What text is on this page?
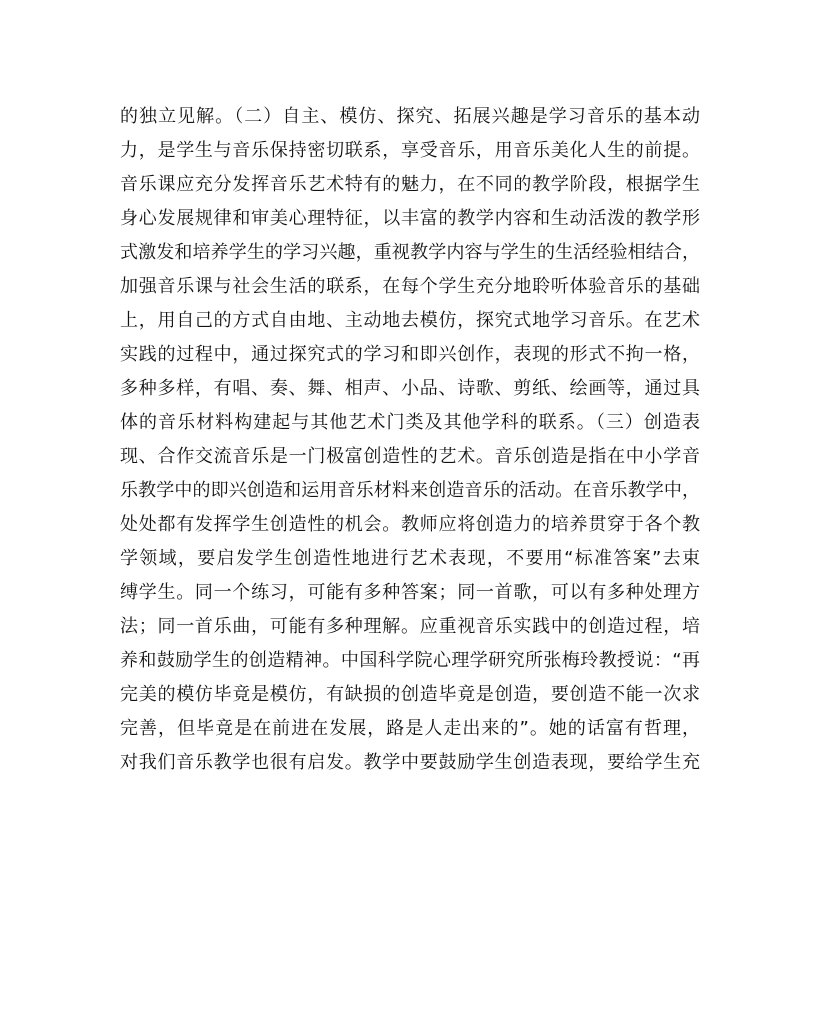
的独立见解。（二）自主、模仿、探究、拓展兴趣是学习音乐的基本动
力，是学生与音乐保持密切联系，享受音乐，用音乐美化人生的前提。
音乐课应充分发挥音乐艺术特有的魅力，在不同的教学阶段，根据学生
身心发展规律和审美心理特征，以丰富的教学内容和生动活泼的教学形
式激发和培养学生的学习兴趣，重视教学内容与学生的生活经验相结合，
加强音乐课与社会生活的联系，在每个学生充分地聆听体验音乐的基础
上，用自己的方式自由地、主动地去模仿，探究式地学习音乐。在艺术
实践的过程中，通过探究式的学习和即兴创作，表现的形式不拘一格，
多种多样，有唱、奏、舞、相声、小品、诗歌、剪纸、绘画等，通过具
体的音乐材料构建起与其他艺术门类及其他学科的联系。（三）创造表
现、合作交流音乐是一门极富创造性的艺术。音乐创造是指在中小学音
乐教学中的即兴创造和运用音乐材料来创造音乐的活动。在音乐教学中，
处处都有发挥学生创造性的机会。教师应将创造力的培养贯穿于各个教
学领域，要启发学生创造性地进行艺术表现，不要用“标准答案”去束
缚学生。同一个练习，可能有多种答案；同一首歌，可以有多种处理方
法；同一首乐曲，可能有多种理解。应重视音乐实践中的创造过程，培
养和鼓励学生的创造精神。中国科学院心理学研究所张梅玲教授说：“再
完美的模仿毕竟是模仿，有缺损的创造毕竟是创造，要创造不能一次求
完善，但毕竟是在前进在发展，路是人走出来的”。她的话富有哲理，
对我们音乐教学也很有启发。教学中要鼓励学生创造表现，要给学生充
